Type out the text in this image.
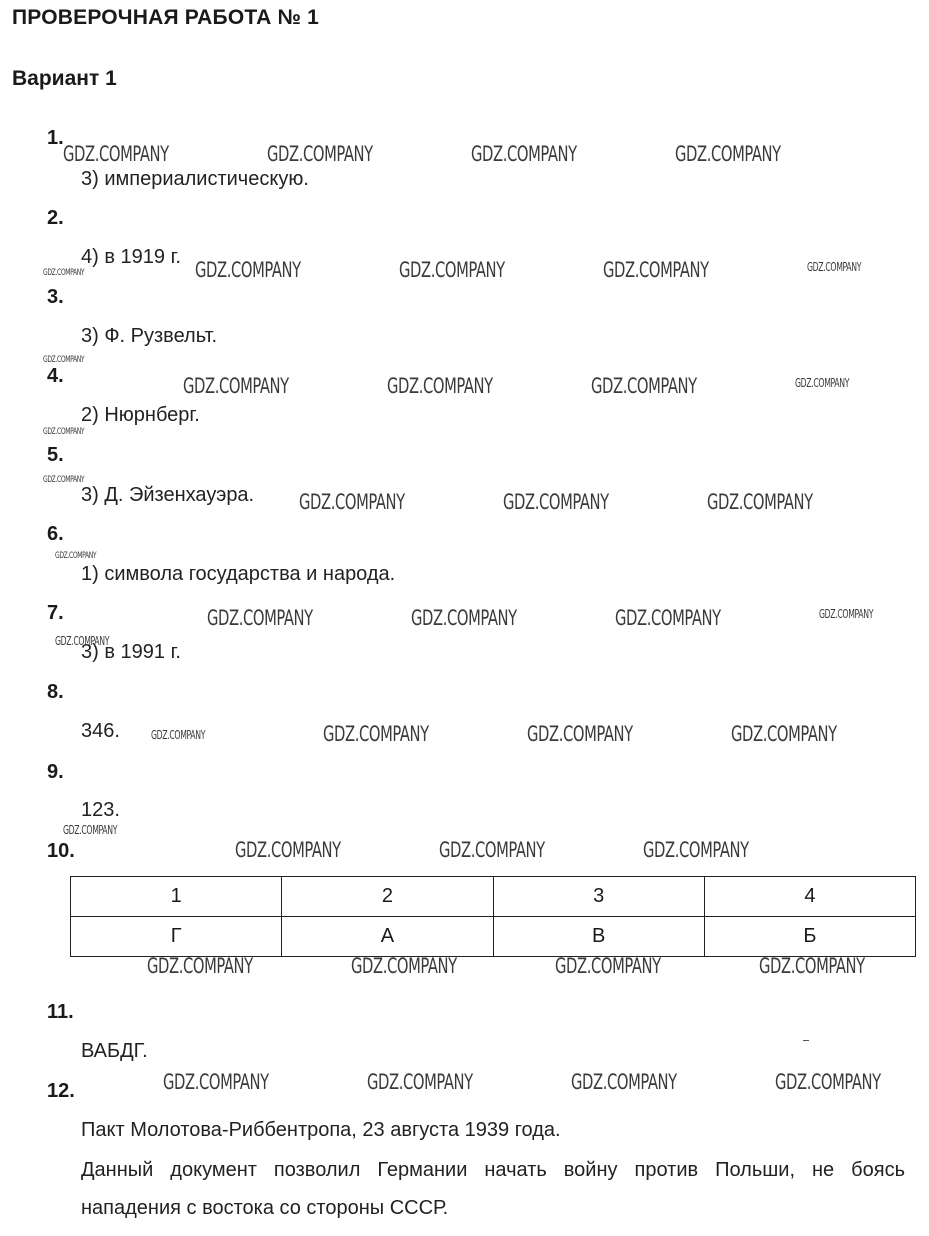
ПРОВЕРОЧНАЯ РАБОТА № 1
Вариант 1
1.
3) империалистическую.
2.
4) в 1919 г.
3.
3) Ф. Рузвельт.
4.
2) Нюрнберг.
5.
3) Д. Эйзенхауэра.
6.
1) символа государства и народа.
7.
3) в 1991 г.
8.
346.
9.
123.
10.
1	2	3	4
Г	А	В	Б
11.
ВАБДГ.
12.
Пакт Молотова-Риббентропа, 23 августа 1939 года.
Данный документ позволил Германии начать войну против Польши, не боясь нападения с востока со стороны СССР.
GDZ.COMPANY	GDZ.COMPANY	GDZ.COMPANY	GDZ.COMPANY
GDZ.COMPANY	GDZ.COMPANY	GDZ.COMPANY	GDZ.COMPANY	GDZ.COMPANY
GDZ.COMPANY
GDZ.COMPANY	GDZ.COMPANY	GDZ.COMPANY	GDZ.COMPANY
GDZ.COMPANY
GDZ.COMPANY
GDZ.COMPANY	GDZ.COMPANY	GDZ.COMPANY
GDZ.COMPANY
GDZ.COMPANY	GDZ.COMPANY	GDZ.COMPANY	GDZ.COMPANY
GDZ.COMPANY
GDZ.COMPANY	GDZ.COMPANY	GDZ.COMPANY	GDZ.COMPANY
GDZ.COMPANY
GDZ.COMPANY	GDZ.COMPANY	GDZ.COMPANY
GDZ.COMPANY	GDZ.COMPANY	GDZ.COMPANY	GDZ.COMPANY
GDZ.COMPANY	GDZ.COMPANY	GDZ.COMPANY	GDZ.COMPANY
